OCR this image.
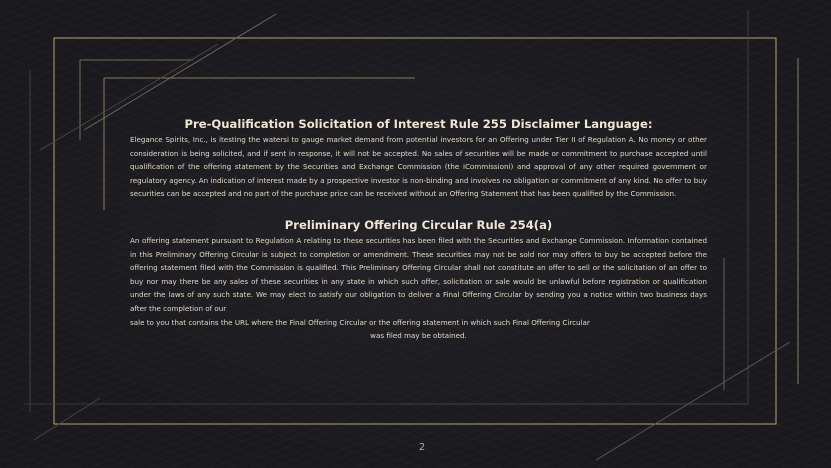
Pre-Qualification Solicitation of Interest Rule 255 Disclaimer Language:

Elegance Spirits, Inc., is itesting the watersi to gauge market demand from potential investors for an Offering under Tier II of Regulation A. No money or other consideration is being solicited, and if sent in response, it will not be accepted. No sales of securities will be made or commitment to purchase accepted until qualification of the offering statement by the Securities and Exchange Commission (the iCommissioni) and approval of any other required government or regulatory agency. An indication of interest made by a prospective investor is non-binding and involves no obligation or commitment of any kind. No offer to buy securities can be accepted and no part of the purchase price can be received without an Offering Statement that has been qualified by the Commission.

Preliminary Offering Circular Rule 254(a)

An offering statement pursuant to Regulation A relating to these securities has been filed with the Securities and Exchange Commission. Information contained in this Preliminary Offering Circular is subject to completion or amendment. These securities may not be sold nor may offers to buy be accepted before the offering statement filed with the Commission is qualified. This Preliminary Offering Circular shall not constitute an offer to sell or the solicitation of an offer to buy nor may there be any sales of these securities in any state in which such offer, solicitation or sale would be unlawful before registration or qualification under the laws of any such state. We may elect to satisfy our obligation to deliver a Final Offering Circular by sending you a notice within two business days after the completion of our

sale to you that contains the URL where the Final Offering Circular or the offering statement in which such Final Offering Circular

was filed may be obtained.

2
